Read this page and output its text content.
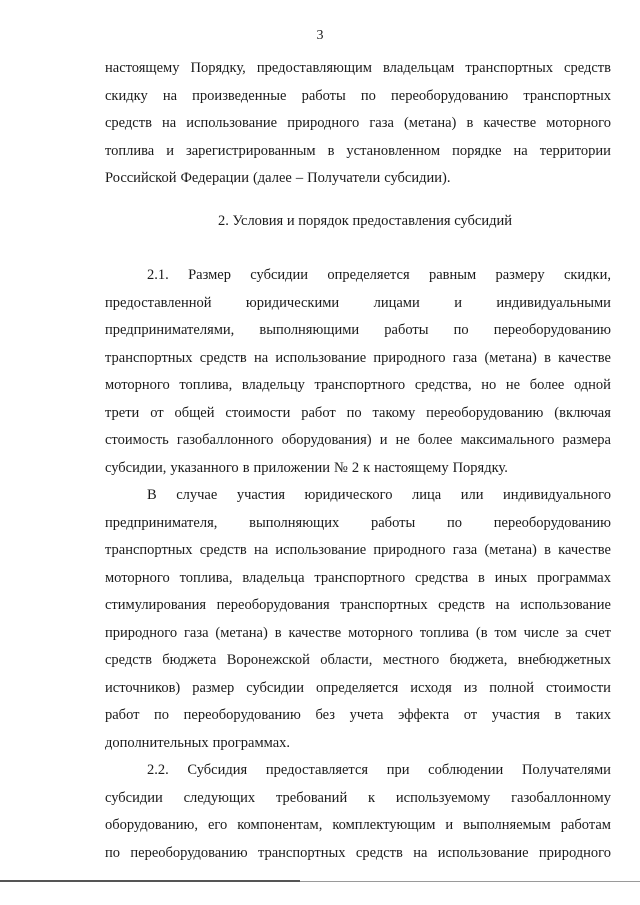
3
настоящему Порядку, предоставляющим владельцам транспортных средств
скидку на произведенные работы по переоборудованию транспортных
средств на использование природного газа (метана) в качестве моторного
топлива и зарегистрированным в установленном порядке на территории
Российской Федерации (далее – Получатели субсидии).
2. Условия и порядок предоставления субсидий
2.1. Размер субсидии определяется равным размеру скидки,
предоставленной юридическими лицами и индивидуальными
предпринимателями, выполняющими работы по переоборудованию
транспортных средств на использование природного газа (метана) в качестве
моторного топлива, владельцу транспортного средства, но не более одной
трети от общей стоимости работ по такому переоборудованию (включая
стоимость газобаллонного оборудования) и не более максимального размера
субсидии, указанного в приложении № 2 к настоящему Порядку.
В случае участия юридического лица или индивидуального
предпринимателя, выполняющих работы по переоборудованию
транспортных средств на использование природного газа (метана) в качестве
моторного топлива, владельца транспортного средства в иных программах
стимулирования переоборудования транспортных средств на использование
природного газа (метана) в качестве моторного топлива (в том числе за счет
средств бюджета Воронежской области, местного бюджета, внебюджетных
источников) размер субсидии определяется исходя из полной стоимости
работ по переоборудованию без учета эффекта от участия в таких
дополнительных программах.
2.2. Субсидия предоставляется при соблюдении Получателями
субсидии следующих требований к используемому газобаллонному
оборудованию, его компонентам, комплектующим и выполняемым работам
по переоборудованию транспортных средств на использование природного
